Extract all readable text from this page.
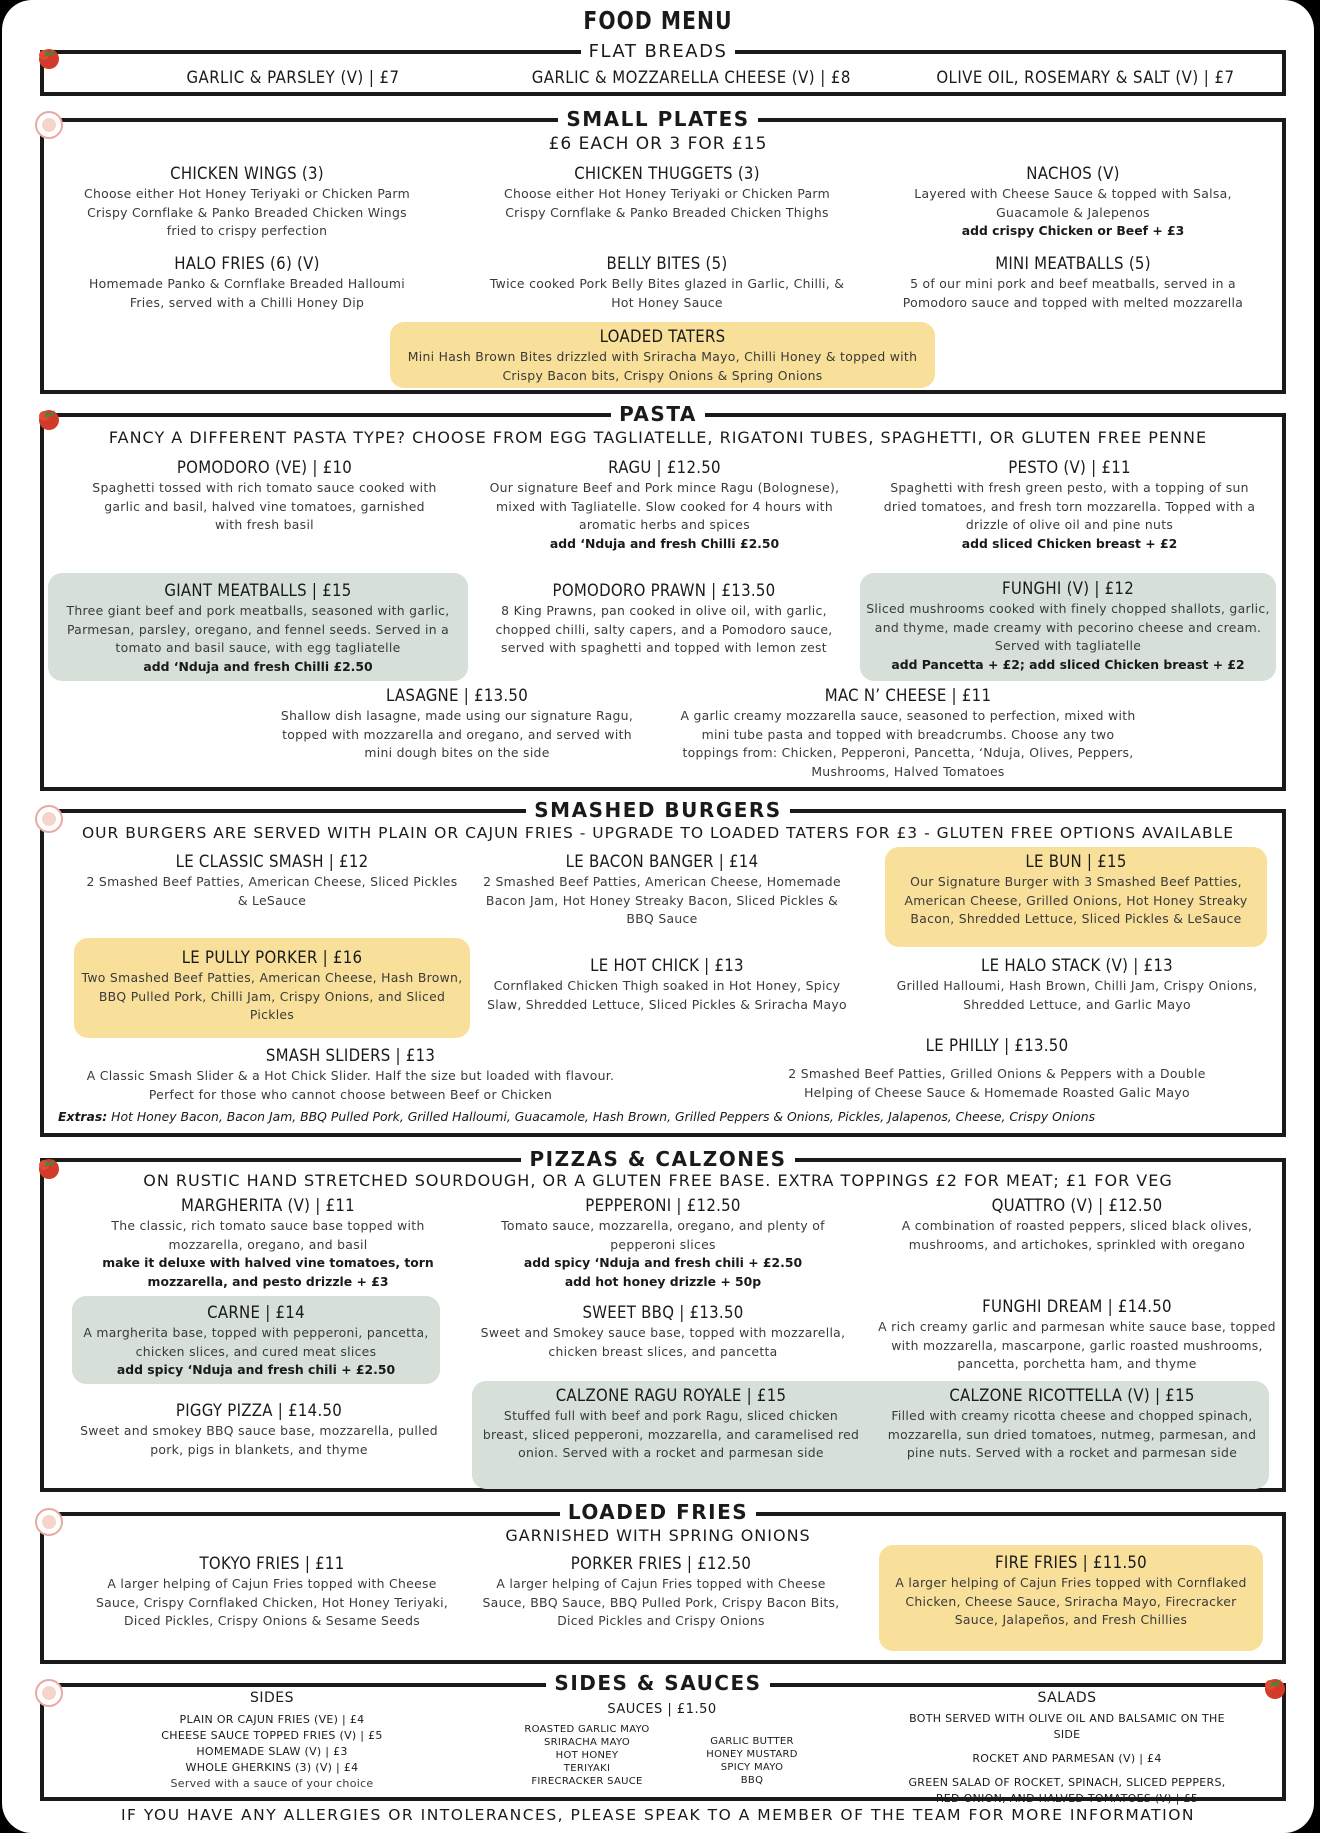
FOOD MENU
FLAT BREADS
GARLIC & PARSLEY (V) | £7	GARLIC & MOZZARELLA CHEESE (V) | £8	OLIVE OIL, ROSEMARY & SALT (V) | £7
SMALL PLATES
£6 EACH OR 3 FOR £15
CHICKEN WINGS (3)
Choose either Hot Honey Teriyaki or Chicken Parm Crispy Cornflake & Panko Breaded Chicken Wings fried to crispy perfection
CHICKEN THUGGETS (3)
Choose either Hot Honey Teriyaki or Chicken Parm Crispy Cornflake & Panko Breaded Chicken Thighs
NACHOS (V)
Layered with Cheese Sauce & topped with Salsa, Guacamole & Jalepenos
add crispy Chicken or Beef + £3
HALO FRIES (6) (V)
Homemade Panko & Cornflake Breaded Halloumi Fries, served with a Chilli Honey Dip
BELLY BITES (5)
Twice cooked Pork Belly Bites glazed in Garlic, Chilli, & Hot Honey Sauce
MINI MEATBALLS (5)
5 of our mini pork and beef meatballs, served in a Pomodoro sauce and topped with melted mozzarella
LOADED TATERS
Mini Hash Brown Bites drizzled with Sriracha Mayo, Chilli Honey & topped with Crispy Bacon bits, Crispy Onions & Spring Onions
PASTA
FANCY A DIFFERENT PASTA TYPE? CHOOSE FROM EGG TAGLIATELLE, RIGATONI TUBES, SPAGHETTI, OR GLUTEN FREE PENNE
POMODORO (VE) | £10
Spaghetti tossed with rich tomato sauce cooked with garlic and basil, halved vine tomatoes, garnished with fresh basil
RAGU | £12.50
Our signature Beef and Pork mince Ragu (Bolognese), mixed with Tagliatelle. Slow cooked for 4 hours with aromatic herbs and spices
add ‘Nduja and fresh Chilli £2.50
PESTO (V) | £11
Spaghetti with fresh green pesto, with a topping of sun dried tomatoes, and fresh torn mozzarella. Topped with a drizzle of olive oil and pine nuts
add sliced Chicken breast + £2
GIANT MEATBALLS | £15
Three giant beef and pork meatballs, seasoned with garlic, Parmesan, parsley, oregano, and fennel seeds. Served in a tomato and basil sauce, with egg tagliatelle
add ‘Nduja and fresh Chilli £2.50
POMODORO PRAWN | £13.50
8 King Prawns, pan cooked in olive oil, with garlic, chopped chilli, salty capers, and a Pomodoro sauce, served with spaghetti and topped with lemon zest
FUNGHI (V) | £12
Sliced mushrooms cooked with finely chopped shallots, garlic, and thyme, made creamy with pecorino cheese and cream. Served with tagliatelle
add Pancetta + £2; add sliced Chicken breast + £2
LASAGNE | £13.50
Shallow dish lasagne, made using our signature Ragu, topped with mozzarella and oregano, and served with mini dough bites on the side
MAC N’ CHEESE | £11
A garlic creamy mozzarella sauce, seasoned to perfection, mixed with mini tube pasta and topped with breadcrumbs. Choose any two toppings from: Chicken, Pepperoni, Pancetta, ‘Nduja, Olives, Peppers, Mushrooms, Halved Tomatoes
SMASHED BURGERS
OUR BURGERS ARE SERVED WITH PLAIN OR CAJUN FRIES - UPGRADE TO LOADED TATERS FOR £3 - GLUTEN FREE OPTIONS AVAILABLE
LE CLASSIC SMASH | £12
2 Smashed Beef Patties, American Cheese, Sliced Pickles & LeSauce
LE BACON BANGER | £14
2 Smashed Beef Patties, American Cheese, Homemade Bacon Jam, Hot Honey Streaky Bacon, Sliced Pickles & BBQ Sauce
LE BUN | £15
Our Signature Burger with 3 Smashed Beef Patties, American Cheese, Grilled Onions, Hot Honey Streaky Bacon, Shredded Lettuce, Sliced Pickles & LeSauce
LE PULLY PORKER | £16
Two Smashed Beef Patties, American Cheese, Hash Brown, BBQ Pulled Pork, Chilli Jam, Crispy Onions, and Sliced Pickles
LE HOT CHICK | £13
Cornflaked Chicken Thigh soaked in Hot Honey, Spicy Slaw, Shredded Lettuce, Sliced Pickles & Sriracha Mayo
LE HALO STACK (V) | £13
Grilled Halloumi, Hash Brown, Chilli Jam, Crispy Onions, Shredded Lettuce, and Garlic Mayo
SMASH SLIDERS | £13
A Classic Smash Slider & a Hot Chick Slider. Half the size but loaded with flavour. Perfect for those who cannot choose between Beef or Chicken
LE PHILLY | £13.50
2 Smashed Beef Patties, Grilled Onions & Peppers with a Double Helping of Cheese Sauce & Homemade Roasted Galic Mayo
Extras: Hot Honey Bacon, Bacon Jam, BBQ Pulled Pork, Grilled Halloumi, Guacamole, Hash Brown, Grilled Peppers & Onions, Pickles, Jalapenos, Cheese, Crispy Onions
PIZZAS & CALZONES
ON RUSTIC HAND STRETCHED SOURDOUGH, OR A GLUTEN FREE BASE. EXTRA TOPPINGS £2 FOR MEAT; £1 FOR VEG
MARGHERITA (V) | £11
The classic, rich tomato sauce base topped with mozzarella, oregano, and basil
make it deluxe with halved vine tomatoes, torn mozzarella, and pesto drizzle + £3
PEPPERONI | £12.50
Tomato sauce, mozzarella, oregano, and plenty of pepperoni slices
add spicy ‘Nduja and fresh chili + £2.50
add hot honey drizzle + 50p
QUATTRO (V) | £12.50
A combination of roasted peppers, sliced black olives, mushrooms, and artichokes, sprinkled with oregano
CARNE | £14
A margherita base, topped with pepperoni, pancetta, chicken slices, and cured meat slices
add spicy ‘Nduja and fresh chili + £2.50
SWEET BBQ | £13.50
Sweet and Smokey sauce base, topped with mozzarella, chicken breast slices, and pancetta
FUNGHI DREAM | £14.50
A rich creamy garlic and parmesan white sauce base, topped with mozzarella, mascarpone, garlic roasted mushrooms, pancetta, porchetta ham, and thyme
PIGGY PIZZA | £14.50
Sweet and smokey BBQ sauce base, mozzarella, pulled pork, pigs in blankets, and thyme
CALZONE RAGU ROYALE | £15
Stuffed full with beef and pork Ragu, sliced chicken breast, sliced pepperoni, mozzarella, and caramelised red onion. Served with a rocket and parmesan side
CALZONE RICOTTELLA (V) | £15
Filled with creamy ricotta cheese and chopped spinach, mozzarella, sun dried tomatoes, nutmeg, parmesan, and pine nuts. Served with a rocket and parmesan side
LOADED FRIES
GARNISHED WITH SPRING ONIONS
TOKYO FRIES | £11
A larger helping of Cajun Fries topped with Cheese Sauce, Crispy Cornflaked Chicken, Hot Honey Teriyaki, Diced Pickles, Crispy Onions & Sesame Seeds
PORKER FRIES | £12.50
A larger helping of Cajun Fries topped with Cheese Sauce, BBQ Sauce, BBQ Pulled Pork, Crispy Bacon Bits, Diced Pickles and Crispy Onions
FIRE FRIES | £11.50
A larger helping of Cajun Fries topped with Cornflaked Chicken, Cheese Sauce, Sriracha Mayo, Firecracker Sauce, Jalapeños, and Fresh Chillies
SIDES & SAUCES
SIDES
PLAIN OR CAJUN FRIES (VE) | £4
CHEESE SAUCE TOPPED FRIES (V) | £5
HOMEMADE SLAW (V) | £3
WHOLE GHERKINS (3) (V) | £4
Served with a sauce of your choice
SAUCES | £1.50
ROASTED GARLIC MAYO
SRIRACHA MAYO
HOT HONEY
TERIYAKI
FIRECRACKER SAUCE
GARLIC BUTTER
HONEY MUSTARD
SPICY MAYO
BBQ
SALADS
BOTH SERVED WITH OLIVE OIL AND BALSAMIC ON THE SIDE
ROCKET AND PARMESAN (V) | £4
GREEN SALAD OF ROCKET, SPINACH, SLICED PEPPERS, RED ONION, AND HALVED TOMATOES (V) | £5
IF YOU HAVE ANY ALLERGIES OR INTOLERANCES, PLEASE SPEAK TO A MEMBER OF THE TEAM FOR MORE INFORMATION
